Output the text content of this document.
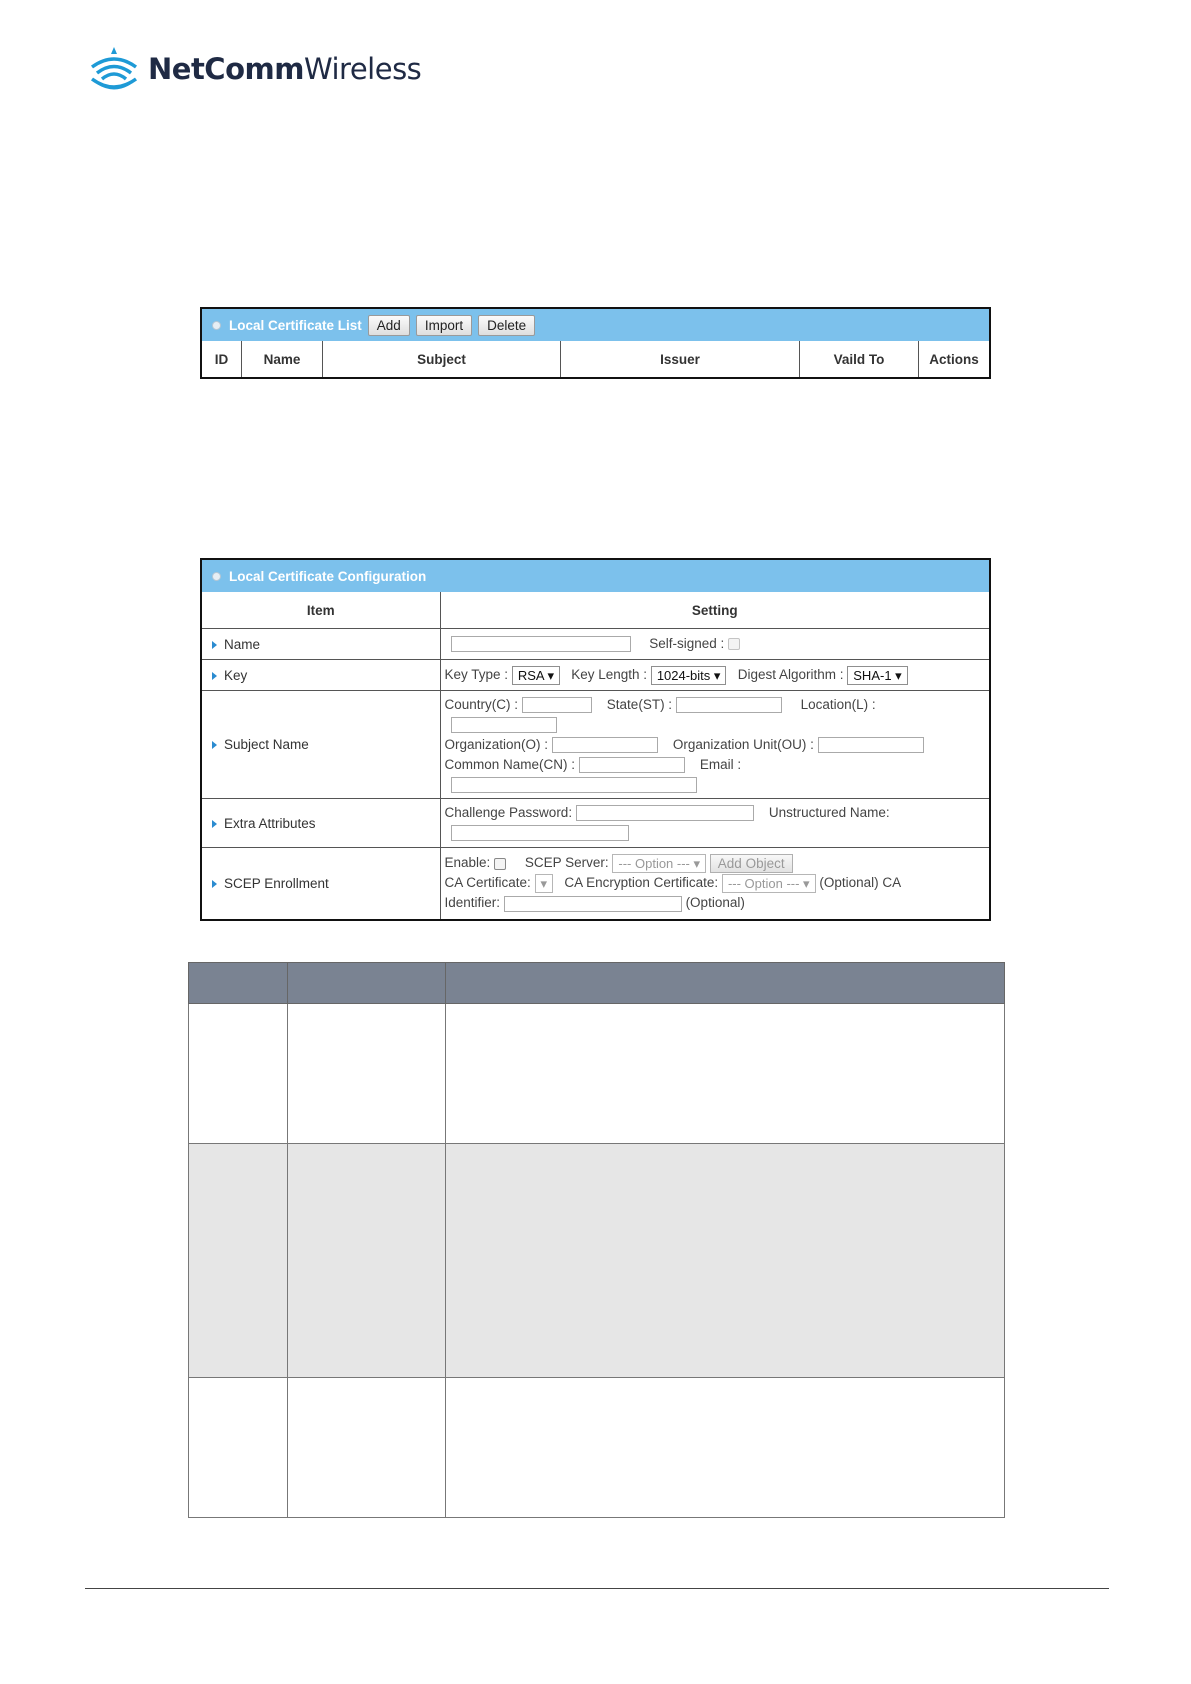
NetCommWireless
Local Certificate List	Add	Import	Delete
ID	Name	Subject	Issuer	Vaild To	Actions
Local Certificate Configuration
Item	Setting
Name	Self-signed :
Key	Key Type : RSA ▾ Key Length : 1024-bits ▾ Digest Algorithm : SHA-1 ▾
Subject Name	Country(C) : State(ST) : Location(L) :
Organization(O) : Organization Unit(OU) :
Common Name(CN) : Email :

Extra Attributes	Challenge Password: Unstructured Name:

SCEP Enrollment	Enable: SCEP Server: --- Option --- ▾ Add Object
CA Certificate: ▾ CA Encryption Certificate: --- Option --- ▾ (Optional) CA
Identifier: (Optional)
